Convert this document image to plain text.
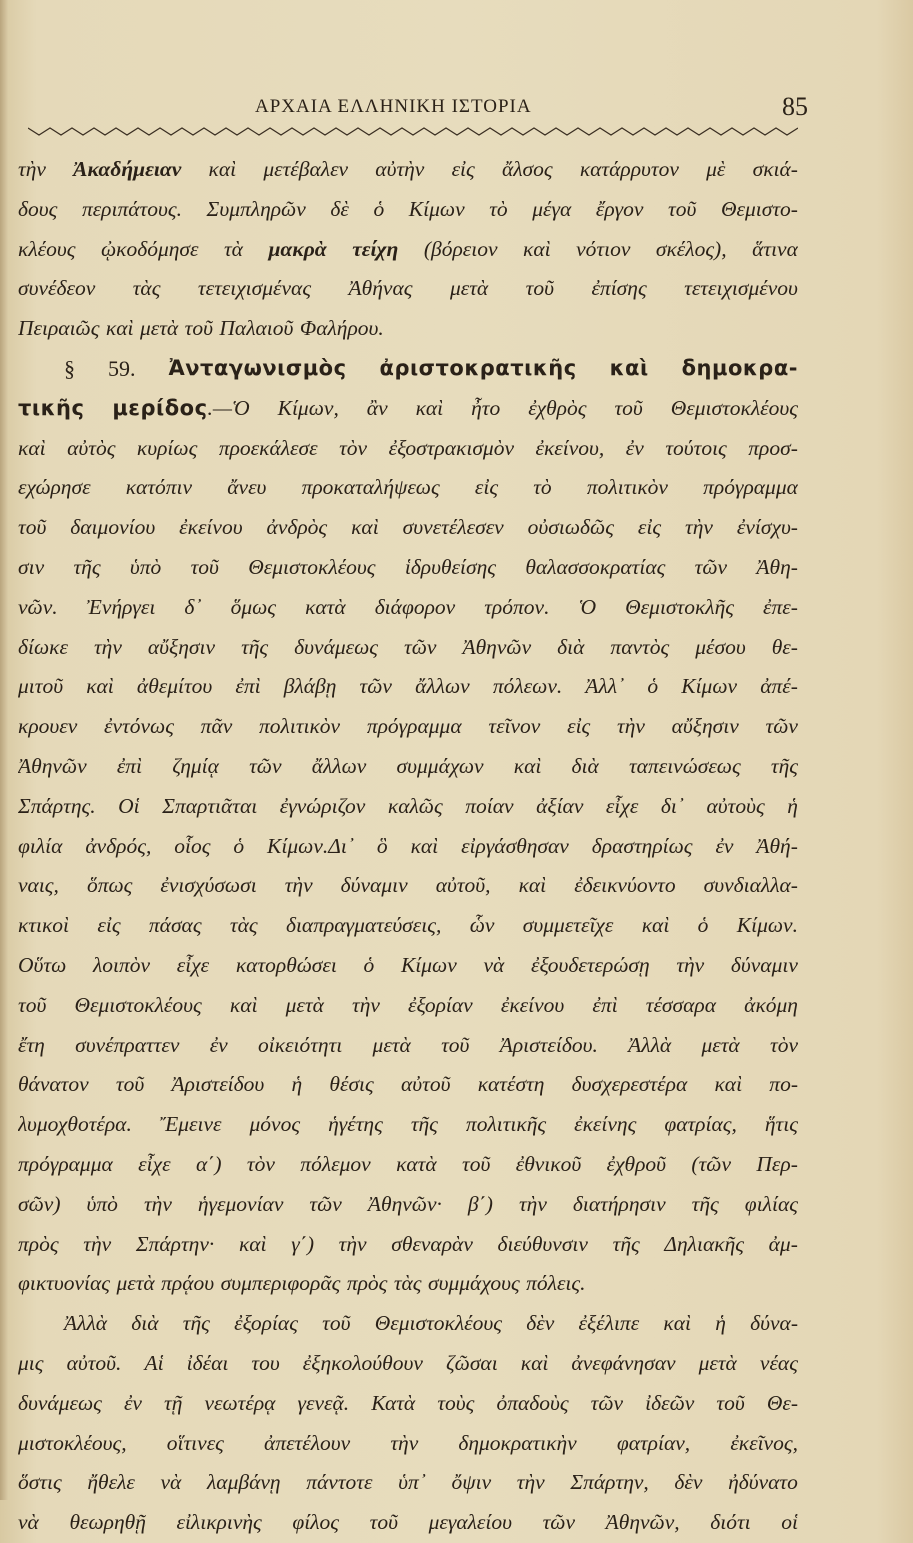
ΑΡΧΑΙΑ ΕΛΛΗΝΙΚΗ ΙΣΤΟΡΙΑ	85
τὴν Ἀκαδήμειαν καὶ μετέβαλεν αὐτὴν εἰς ἄλσος κατάρρυτον μὲ σκιά-
δους περιπάτους. Συμπληρῶν δὲ ὁ Κίμων τὸ μέγα ἔργον τοῦ Θεμιστο-
κλέους ᾠκοδόμησε τὰ μακρὰ τείχη (βόρειον καὶ νότιον σκέλος), ἅτινα
συνέδεον τὰς τετειχισμένας Ἀθήνας μετὰ τοῦ ἐπίσης τετειχισμένου
Πειραιῶς καὶ μετὰ τοῦ Παλαιοῦ Φαλήρου.
§ 59. Ἀνταγωνισμὸς ἀριστοκρατικῆς καὶ δημοκρα-
τικῆς μερίδος.—Ὁ Κίμων, ἂν καὶ ἦτο ἐχθρὸς τοῦ Θεμιστοκλέους
καὶ αὐτὸς κυρίως προεκάλεσε τὸν ἐξοστρακισμὸν ἐκείνου, ἐν τούτοις προσ-
εχώρησε κατόπιν ἄνευ προκαταλήψεως εἰς τὸ πολιτικὸν πρόγραμμα
τοῦ δαιμονίου ἐκείνου ἀνδρὸς καὶ συνετέλεσεν οὐσιωδῶς εἰς τὴν ἐνίσχυ-
σιν τῆς ὑπὸ τοῦ Θεμιστοκλέους ἱδρυθείσης θαλασσοκρατίας τῶν Ἀθη-
νῶν. Ἐνήργει δ᾽ ὅμως κατὰ διάφορον τρόπον. Ὁ Θεμιστοκλῆς ἐπε-
δίωκε τὴν αὔξησιν τῆς δυνάμεως τῶν Ἀθηνῶν διὰ παντὸς μέσου θε-
μιτοῦ καὶ ἀθεμίτου ἐπὶ βλάβῃ τῶν ἄλλων πόλεων. Ἀλλ᾽ ὁ Κίμων ἀπέ-
κρουεν ἐντόνως πᾶν πολιτικὸν πρόγραμμα τεῖνον εἰς τὴν αὔξησιν τῶν
Ἀθηνῶν ἐπὶ ζημίᾳ τῶν ἄλλων συμμάχων καὶ διὰ ταπεινώσεως τῆς
Σπάρτης. Οἱ Σπαρτιᾶται ἐγνώριζον καλῶς ποίαν ἀξίαν εἶχε δι᾽ αὐτοὺς ἡ
φιλία ἀνδρός, οἷος ὁ Κίμων.Δι᾽ ὃ καὶ εἰργάσθησαν δραστηρίως ἐν Ἀθή-
ναις, ὅπως ἐνισχύσωσι τὴν δύναμιν αὐτοῦ, καὶ ἐδεικνύοντο συνδιαλλα-
κτικοὶ εἰς πάσας τὰς διαπραγματεύσεις, ὧν συμμετεῖχε καὶ ὁ Κίμων.
Οὕτω λοιπὸν εἶχε κατορθώσει ὁ Κίμων νὰ ἐξουδετερώσῃ τὴν δύναμιν
τοῦ Θεμιστοκλέους καὶ μετὰ τὴν ἐξορίαν ἐκείνου ἐπὶ τέσσαρα ἀκόμη
ἔτη συνέπραττεν ἐν οἰκειότητι μετὰ τοῦ Ἀριστείδου. Ἀλλὰ μετὰ τὸν
θάνατον τοῦ Ἀριστείδου ἡ θέσις αὐτοῦ κατέστη δυσχερεστέρα καὶ πο-
λυμοχθοτέρα. Ἔμεινε μόνος ἡγέτης τῆς πολιτικῆς ἐκείνης φατρίας, ἥτις
πρόγραμμα εἶχε α΄) τὸν πόλεμον κατὰ τοῦ ἐθνικοῦ ἐχθροῦ (τῶν Περ-
σῶν) ὑπὸ τὴν ἡγεμονίαν τῶν Ἀθηνῶν· β΄) τὴν διατήρησιν τῆς φιλίας
πρὸς τὴν Σπάρτην· καὶ γ΄) τὴν σθεναρὰν διεύθυνσιν τῆς Δηλιακῆς ἀμ-
φικτυονίας μετὰ πρᾴου συμπεριφορᾶς πρὸς τὰς συμμάχους πόλεις.
Ἀλλὰ διὰ τῆς ἐξορίας τοῦ Θεμιστοκλέους δὲν ἐξέλιπε καὶ ἡ δύνα-
μις αὐτοῦ. Αἱ ἰδέαι του ἐξηκολούθουν ζῶσαι καὶ ἀνεφάνησαν μετὰ νέας
δυνάμεως ἐν τῇ νεωτέρᾳ γενεᾷ. Κατὰ τοὺς ὀπαδοὺς τῶν ἰδεῶν τοῦ Θε-
μιστοκλέους, οἵτινες ἀπετέλουν τὴν δημοκρατικὴν φατρίαν, ἐκεῖνος,
ὅστις ἤθελε νὰ λαμβάνῃ πάντοτε ὑπ᾽ ὄψιν τὴν Σπάρτην, δὲν ἠδύνατο
νὰ θεωρηθῇ εἰλικρινὴς φίλος τοῦ μεγαλείου τῶν Ἀθηνῶν, διότι οἱ
